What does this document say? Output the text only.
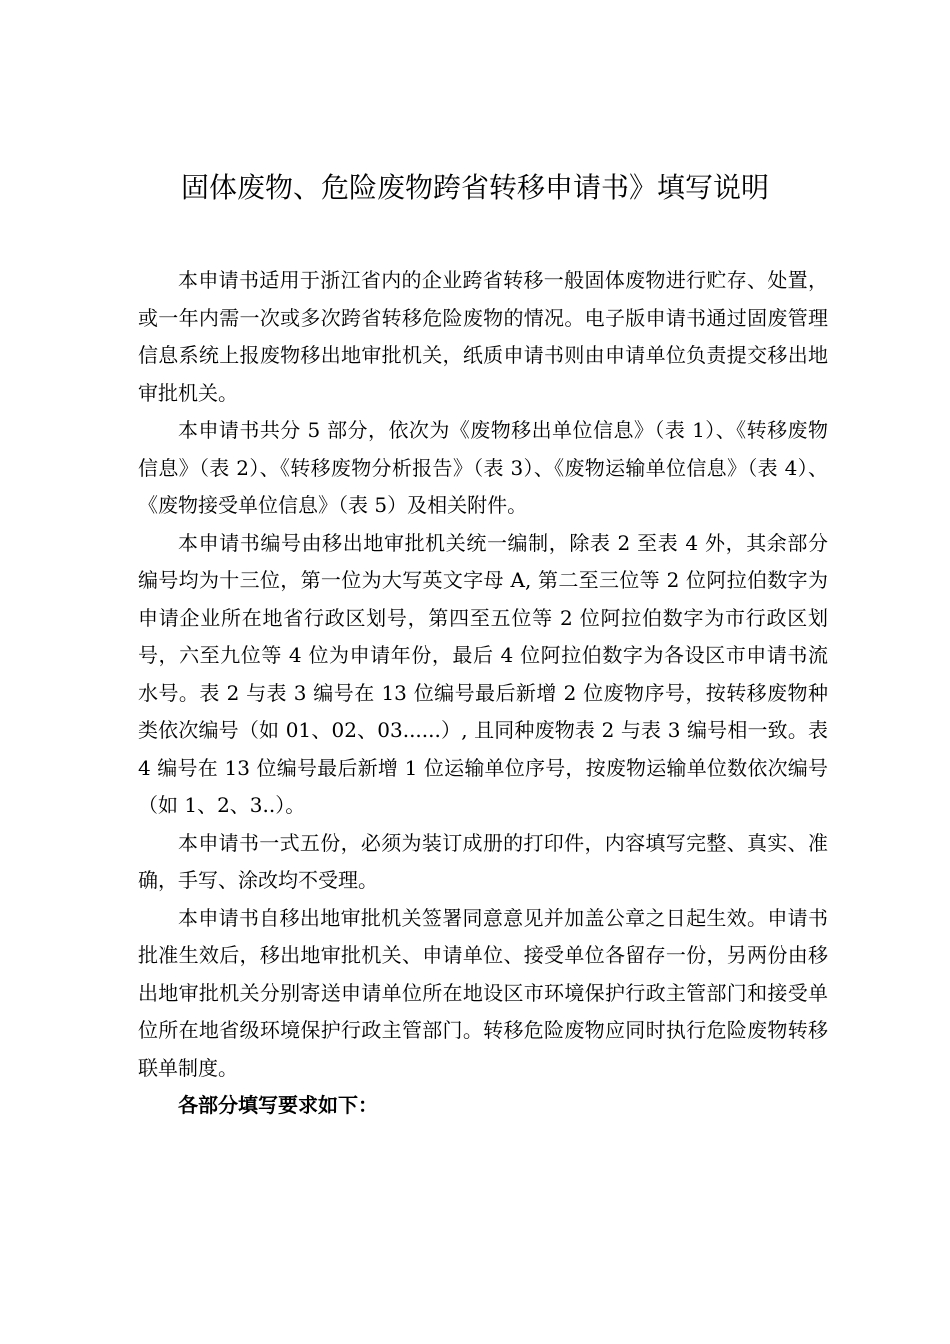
固体废物、危险废物跨省转移申请书》填写说明

本申请书适用于浙江省内的企业跨省转移一般固体废物进行贮存、处置，或一年内需一次或多次跨省转移危险废物的情况。电子版申请书通过固废管理信息系统上报废物移出地审批机关，纸质申请书则由申请单位负责提交移出地审批机关。

本申请书共分 5 部分，依次为《废物移出单位信息》（表 1）、《转移废物信息》（表 2）、《转移废物分析报告》（表 3）、《废物运输单位信息》（表 4）、《废物接受单位信息》（表 5）及相关附件。

本申请书编号由移出地审批机关统一编制，除表 2 至表 4 外，其余部分编号均为十三位，第一位为大写英文字母 A, 第二至三位等 2 位阿拉伯数字为申请企业所在地省行政区划号，第四至五位等 2 位阿拉伯数字为市行政区划号，六至九位等 4 位为申请年份，最后 4 位阿拉伯数字为各设区市申请书流水号。表 2 与表 3 编号在 13 位编号最后新增 2 位废物序号，按转移废物种类依次编号（如 01、02、03......）, 且同种废物表 2 与表 3 编号相一致。表 4 编号在 13 位编号最后新增 1 位运输单位序号，按废物运输单位数依次编号（如 1、2、3..）。

本申请书一式五份，必须为装订成册的打印件，内容填写完整、真实、准确，手写、涂改均不受理。

本申请书自移出地审批机关签署同意意见并加盖公章之日起生效。申请书批准生效后，移出地审批机关、申请单位、接受单位各留存一份，另两份由移出地审批机关分别寄送申请单位所在地设区市环境保护行政主管部门和接受单位所在地省级环境保护行政主管部门。转移危险废物应同时执行危险废物转移联单制度。

各部分填写要求如下：
